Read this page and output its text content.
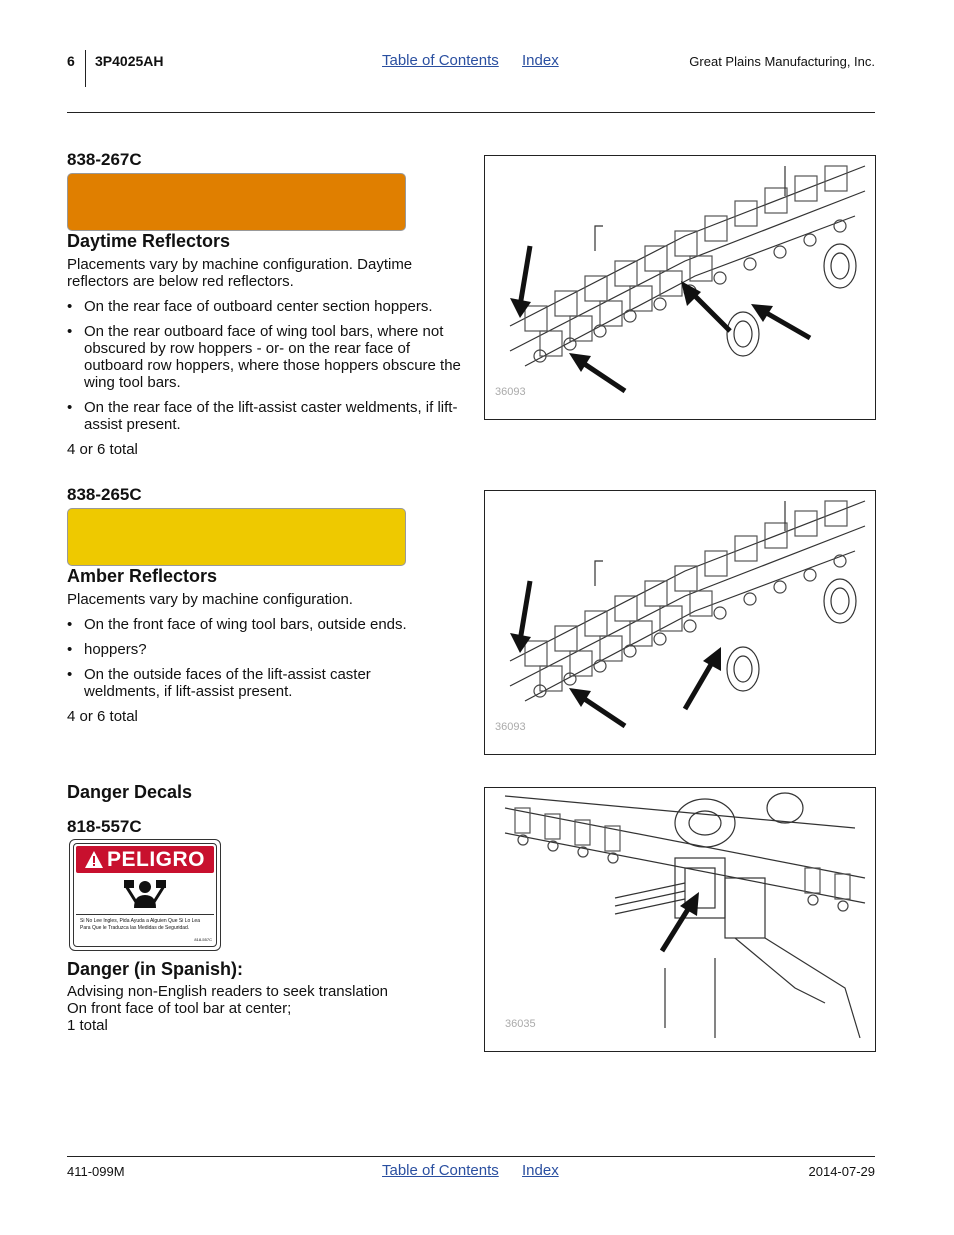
6 3P4025AH	Table of Contents Index	Great Plains Manufacturing, Inc.
838-267C
Daytime Reflectors
Placements vary by machine configuration. Daytime reflectors are below red reflectors.
• On the rear face of outboard center section hoppers.
• On the rear outboard face of wing tool bars, where not obscured by row hoppers - or- on the rear face of outboard row hoppers, where those hoppers obscure the wing tool bars.
• On the rear face of the lift-assist caster weldments, if lift-assist present.
4 or 6 total
36093
838-265C
Amber Reflectors
Placements vary by machine configuration.
• On the front face of wing tool bars, outside ends.
• hoppers?
• On the outside faces of the lift-assist caster weldments, if lift-assist present.
4 or 6 total
36093
Danger Decals
818-557C
PELIGRO
Si No Lee Ingles, Pida Ayuda a Alguien Que Si Lo Lea Para Que le Traduzca las Medidas de Seguridad.
818-557C
Danger (in Spanish):
Advising non-English readers to seek translation
On front face of tool bar at center;
1 total	36035
411-099M	Table of Contents Index	2014-07-29
